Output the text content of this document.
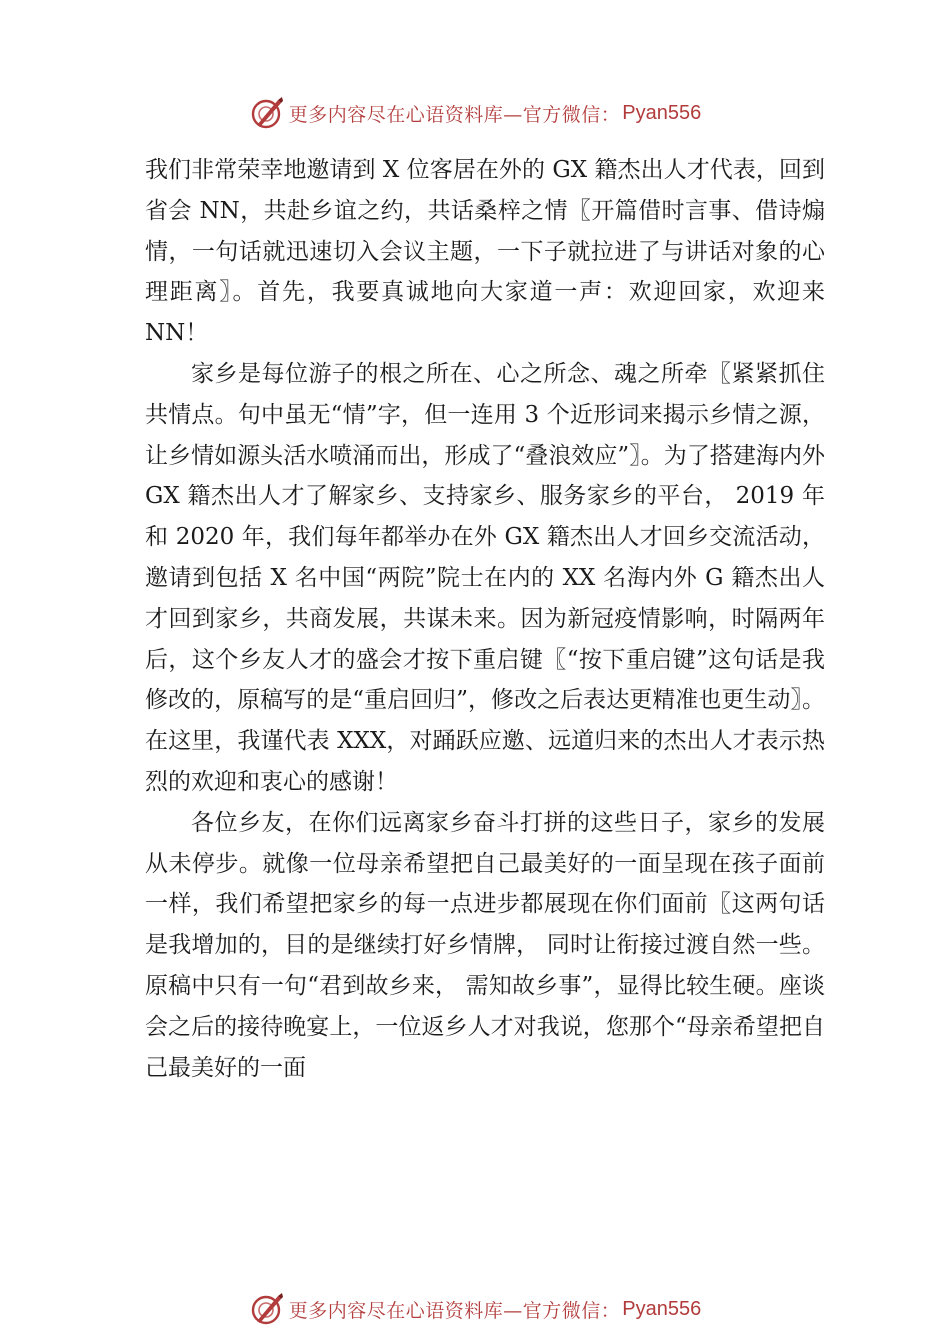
更多内容尽在心语资料库—官方微信： Pyan556

我们非常荣幸地邀请到 X 位客居在外的 GX 籍杰出人才代表，回到省会 NN，共赴乡谊之约，共话桑梓之情〖开篇借时言事、借诗煽情，一句话就迅速切入会议主题，一下子就拉进了与讲话对象的心理距离〗。首先，我要真诚地向大家道一声：欢迎回家，欢迎来 NN！

家乡是每位游子的根之所在、心之所念、魂之所牵〖紧紧抓住共情点。句中虽无“情”字，但一连用 3 个近形词来揭示乡情之源，让乡情如源头活水喷涌而出，形成了“叠浪效应”〗。为了搭建海内外 GX 籍杰出人才了解家乡、支持家乡、服务家乡的平台， 2019 年和 2020 年，我们每年都举办在外 GX 籍杰出人才回乡交流活动，邀请到包括 X 名中国“两院”院士在内的 XX 名海内外 G 籍杰出人才回到家乡，共商发展，共谋未来。因为新冠疫情影响，时隔两年后，这个乡友人才的盛会才按下重启键〖“按下重启键”这句话是我修改的，原稿写的是“重启回归”，修改之后表达更精准也更生动〗。在这里，我谨代表 XXX，对踊跃应邀、远道归来的杰出人才表示热烈的欢迎和衷心的感谢！

各位乡友，在你们远离家乡奋斗打拼的这些日子，家乡的发展从未停步。就像一位母亲希望把自己最美好的一面呈现在孩子面前一样，我们希望把家乡的每一点进步都展现在你们面前〖这两句话是我增加的，目的是继续打好乡情牌， 同时让衔接过渡自然一些。原稿中只有一句“君到故乡来， 需知故乡事”，显得比较生硬。座谈会之后的接待晚宴上，一位返乡人才对我说，您那个“母亲希望把自己最美好的一面

更多内容尽在心语资料库—官方微信： Pyan556
